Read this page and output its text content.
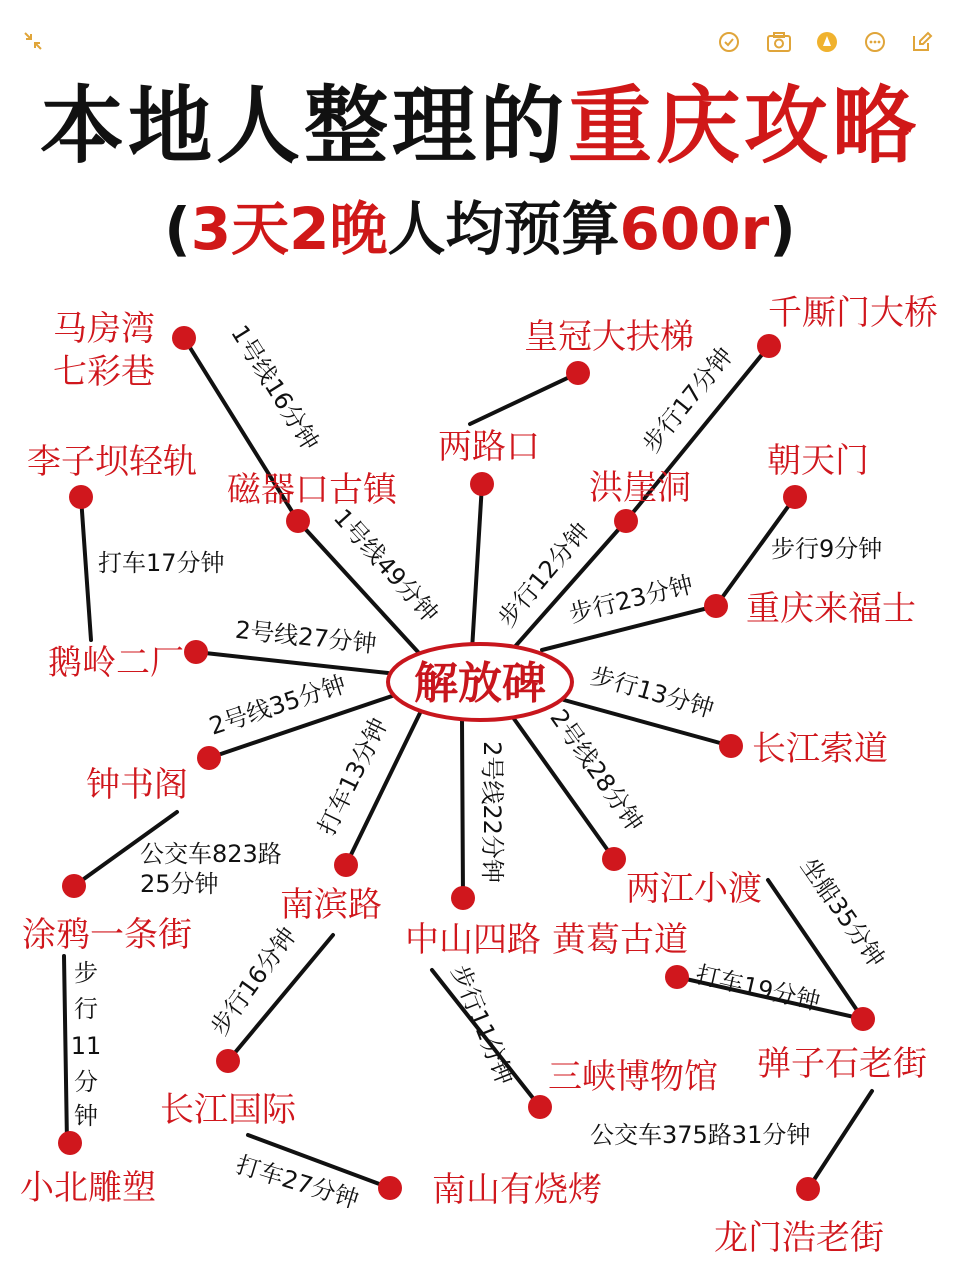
解放碑
马房湾
七彩巷
千厮门大桥
皇冠大扶梯
两路口
李子坝轻轨
磁器口古镇	洪崖洞
朝天门
重庆来福士
鹅岭二厂
钟书阁
长江索道
南滨路	两江小渡
涂鸦一条街	中山四路 黄葛古道
弹子石老街
三峡博物馆
长江国际
小北雕塑	南山有烧烤
龙门浩老街
1号线16分钟	步行17分钟
打车17分钟	1号线49分钟 步行12分钟	步行9分钟
步行23分钟
2号线27分钟
2号线35分钟	步行13分钟
打车13分钟	2号线22分钟 2号线28分钟
公交车823路
25分钟	坐船35分钟
打车19分钟
步
行
11
分
钟
步行16分钟	步行11分钟
公交车375路31分钟
打车27分钟
本地人整理的重庆攻略
(3天2晚人均预算600r)
